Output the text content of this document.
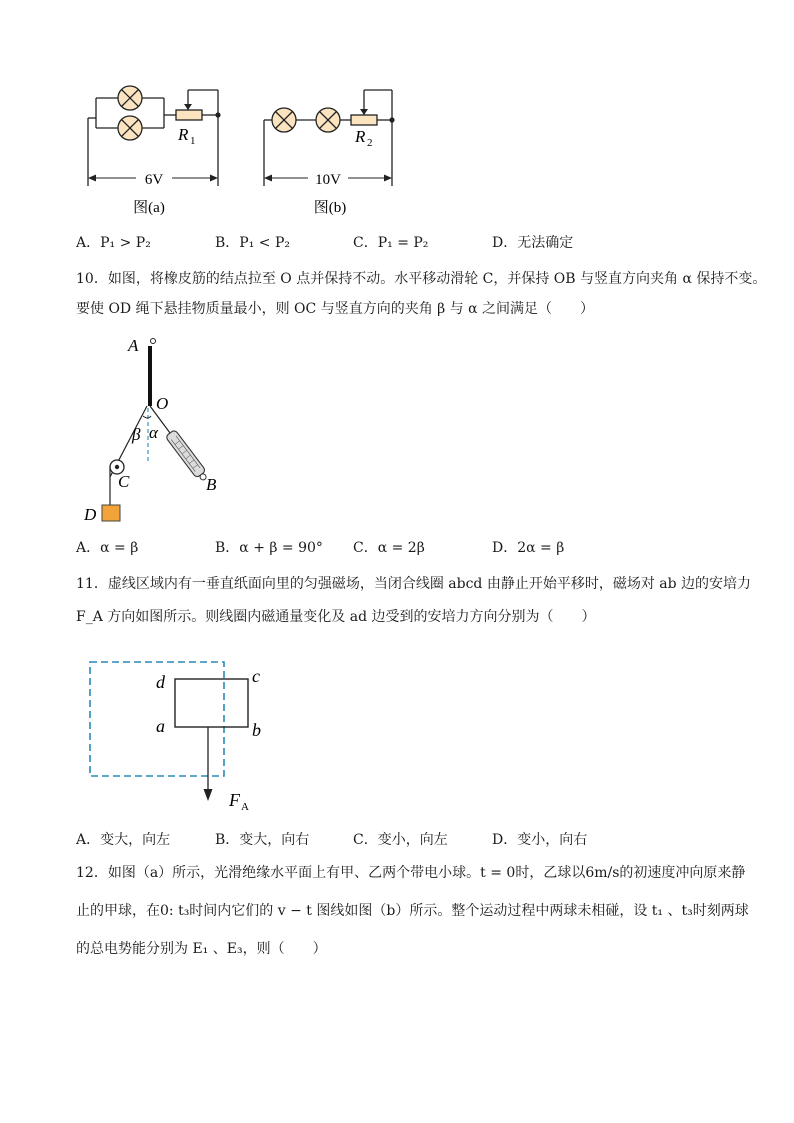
6V
R 1
图(a)
10V
R 2
图(b)
A．P₁ > P₂	B．P₁ < P₂	C．P₁ = P₂	D．无法确定
10．如图，将橡皮筋的结点拉至 O 点并保持不动。水平移动滑轮 C，并保持 OB 与竖直方向夹角 α 保持不变。
要使 OD 绳下悬挂物质量最小，则 OC 与竖直方向的夹角 β 与 α 之间满足（　　）
A
O
β α
C	B
D
A．α = β	B．α + β = 90° C．α = 2β	D．2α = β
11．虚线区域内有一垂直纸面向里的匀强磁场，当闭合线圈 abcd 由静止开始平移时，磁场对 ab 边的安培力
F_A 方向如图所示。则线圈内磁通量变化及 ad 边受到的安培力方向分别为（　　）
d	c
a	b
F A
A．变大，向左	B．变大，向右	C．变小，向左	D．变小，向右
12．如图（a）所示，光滑绝缘水平面上有甲、乙两个带电小球。t = 0时，乙球以6m/s的初速度冲向原来静
止的甲球，在0: t₃时间内它们的 v − t 图线如图（b）所示。整个运动过程中两球未相碰，设 t₁ 、t₃时刻两球
的总电势能分别为 E₁ 、E₃，则（　　）
